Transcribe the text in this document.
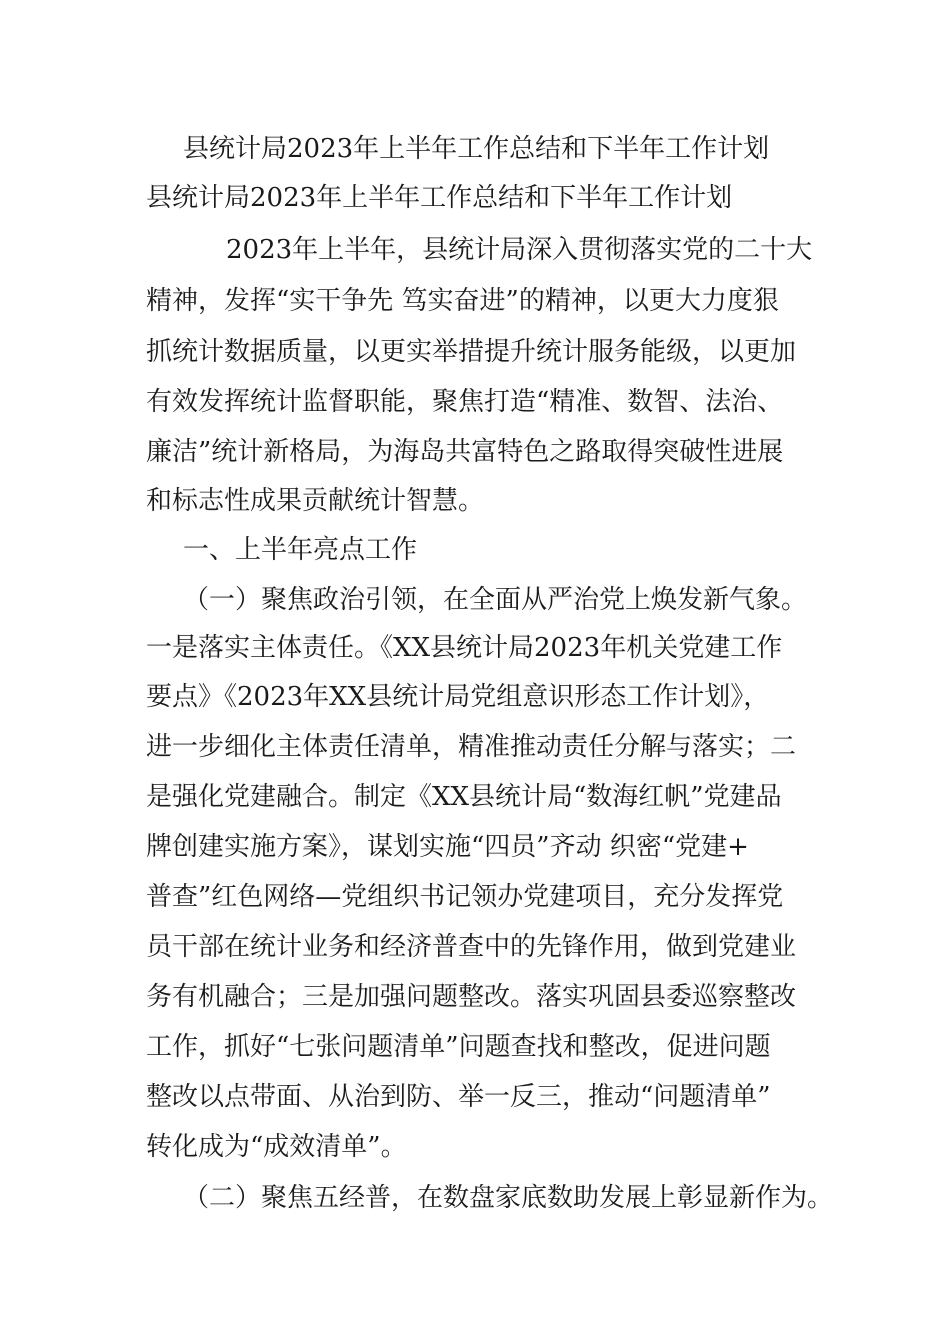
县统计局2023年上半年工作总结和下半年工作计划
县统计局2023年上半年工作总结和下半年工作计划
2023年上半年，县统计局深入贯彻落实党的二十大
精神，发挥“实干争先 笃实奋进”的精神，以更大力度狠
抓统计数据质量，以更实举措提升统计服务能级，以更加
有效发挥统计监督职能，聚焦打造“精准、数智、法治、
廉洁”统计新格局，为海岛共富特色之路取得突破性进展
和标志性成果贡献统计智慧。
一、上半年亮点工作
（一）聚焦政治引领，在全面从严治党上焕发新气象。
一是落实主体责任。《XX县统计局2023年机关党建工作
要点》《2023年XX县统计局党组意识形态工作计划》，
进一步细化主体责任清单，精准推动责任分解与落实；二
是强化党建融合。制定《XX县统计局“数海红帆”党建品
牌创建实施方案》，谋划实施“四员”齐动 织密“党建+
普查”红色网络—党组织书记领办党建项目，充分发挥党
员干部在统计业务和经济普查中的先锋作用，做到党建业
务有机融合；三是加强问题整改。落实巩固县委巡察整改
工作，抓好“七张问题清单”问题查找和整改，促进问题
整改以点带面、从治到防、举一反三，推动“问题清单”
转化成为“成效清单”。
（二）聚焦五经普，在数盘家底数助发展上彰显新作为。
